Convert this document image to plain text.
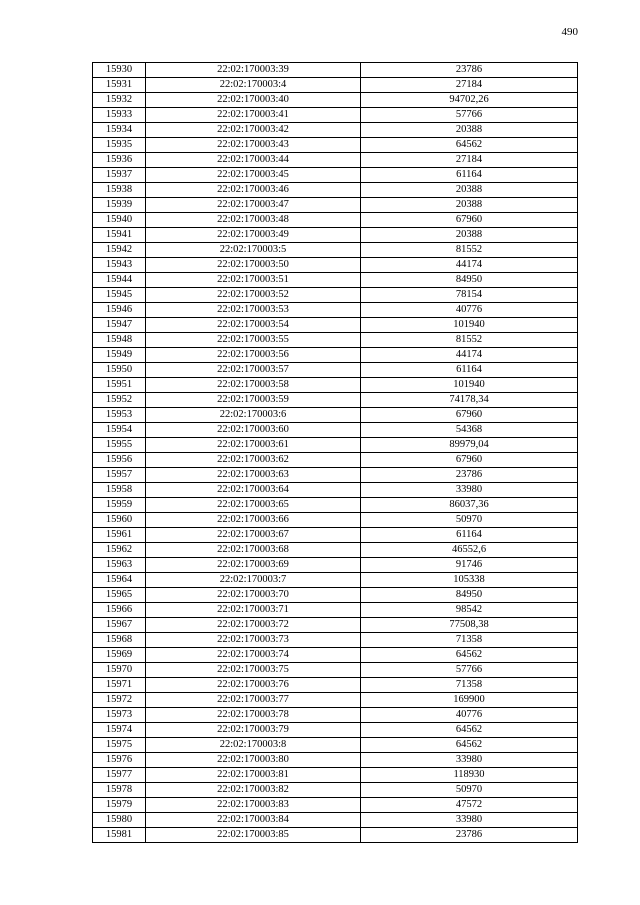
490
15930	22:02:170003:39	23786
15931	22:02:170003:4	27184
15932	22:02:170003:40	94702,26
15933	22:02:170003:41	57766
15934	22:02:170003:42	20388
15935	22:02:170003:43	64562
15936	22:02:170003:44	27184
15937	22:02:170003:45	61164
15938	22:02:170003:46	20388
15939	22:02:170003:47	20388
15940	22:02:170003:48	67960
15941	22:02:170003:49	20388
15942	22:02:170003:5	81552
15943	22:02:170003:50	44174
15944	22:02:170003:51	84950
15945	22:02:170003:52	78154
15946	22:02:170003:53	40776
15947	22:02:170003:54	101940
15948	22:02:170003:55	81552
15949	22:02:170003:56	44174
15950	22:02:170003:57	61164
15951	22:02:170003:58	101940
15952	22:02:170003:59	74178,34
15953	22:02:170003:6	67960
15954	22:02:170003:60	54368
15955	22:02:170003:61	89979,04
15956	22:02:170003:62	67960
15957	22:02:170003:63	23786
15958	22:02:170003:64	33980
15959	22:02:170003:65	86037,36
15960	22:02:170003:66	50970
15961	22:02:170003:67	61164
15962	22:02:170003:68	46552,6
15963	22:02:170003:69	91746
15964	22:02:170003:7	105338
15965	22:02:170003:70	84950
15966	22:02:170003:71	98542
15967	22:02:170003:72	77508,38
15968	22:02:170003:73	71358
15969	22:02:170003:74	64562
15970	22:02:170003:75	57766
15971	22:02:170003:76	71358
15972	22:02:170003:77	169900
15973	22:02:170003:78	40776
15974	22:02:170003:79	64562
15975	22:02:170003:8	64562
15976	22:02:170003:80	33980
15977	22:02:170003:81	118930
15978	22:02:170003:82	50970
15979	22:02:170003:83	47572
15980	22:02:170003:84	33980
15981	22:02:170003:85	23786
